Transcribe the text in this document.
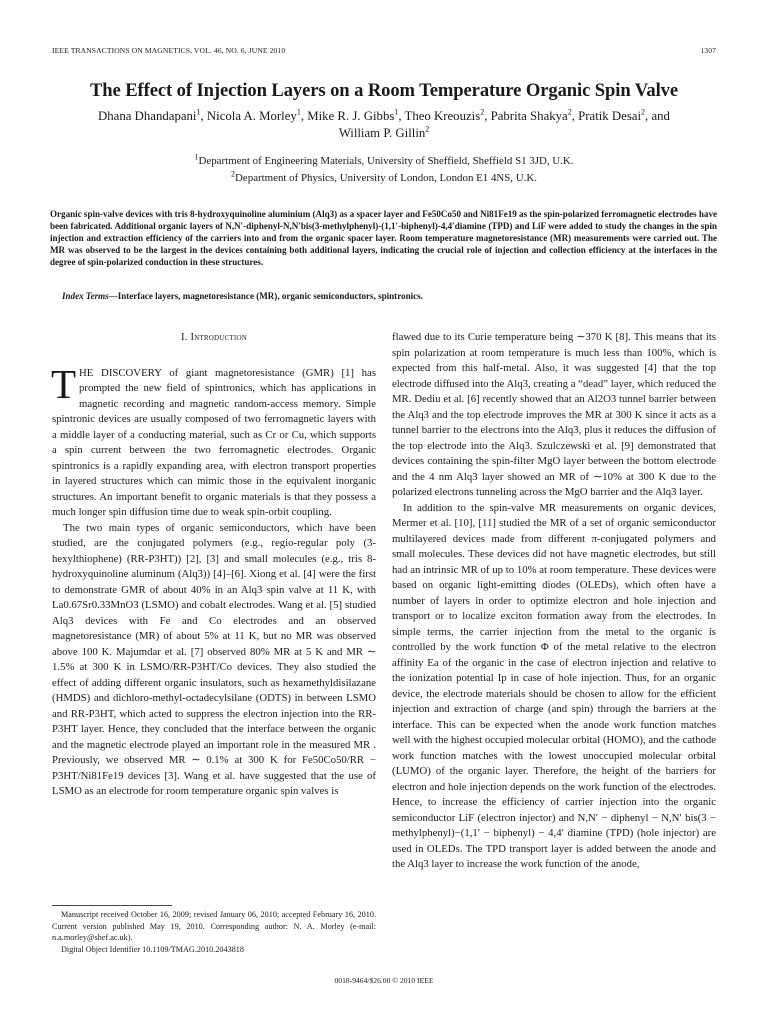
IEEE TRANSACTIONS ON MAGNETICS, VOL. 46, NO. 6, JUNE 2010	1307
The Effect of Injection Layers on a Room Temperature Organic Spin Valve
Dhana Dhandapani$^1$, Nicola A. Morley$^1$, Mike R. J. Gibbs$^1$, Theo Kreouzis$^2$, Pabrita Shakya$^2$, Pratik Desai$^2$, and
William P. Gillin$^2$
$^1$Department of Engineering Materials, University of Sheffield, Sheffield S1 3JD, U.K.
$^2$Department of Physics, University of London, London E1 4NS, U.K.
Organic spin-valve devices with tris 8-hydroxyquinoline aluminium (Alq3) as a spacer layer and Fe50Co50 and Ni81Fe19 as the spin-polarized ferromagnetic electrodes have been fabricated. Additional organic layers of N,N′-diphenyl-N,N′bis(3-methylphenyl)-(1,1′-biphenyl)-4,4′diamine (TPD) and LiF were added to study the changes in the spin injection and extraction efficiency of the carriers into and from the organic spacer layer. Room temperature magnetoresistance (MR) measurements were carried out. The MR was observed to be the largest in the devices containing both additional layers, indicating the crucial role of injection and collection efficiency at the interfaces in the degree of spin-polarized conduction in these structures.
Index Terms—Interface layers, magnetoresistance (MR), organic semiconductors, spintronics.
I. Introduction

THE DISCOVERY of giant magnetoresistance (GMR) [1] has prompted the new field of spintronics, which has applications in magnetic recording and magnetic random-access memory. Simple spintronic devices are usually composed of two ferromagnetic layers with a middle layer of a conducting material, such as Cr or Cu, which supports a spin current between the two ferromagnetic electrodes. Organic spintronics is a rapidly expanding area, with electron transport properties in layered structures which can mimic those in the equivalent inorganic structures. An important benefit to organic materials is that they possess a much longer spin diffusion time due to weak spin-orbit coupling.

The two main types of organic semiconductors, which have been studied, are the conjugated polymers (e.g., regio-regular poly (3-hexylthiophene) (RR-P3HT)) [2], [3] and small molecules (e.g., tris 8-hydroxyquinoline aluminum (Alq3)) [4]–[6]. Xiong et al. [4] were the first to demonstrate GMR of about 40% in an Alq3 spin valve at 11 K, with La0.67Sr0.33MnO3 (LSMO) and cobalt electrodes. Wang et al. [5] studied Alq3 devices with Fe and Co electrodes and an observed magnetoresistance (MR) of about 5% at 11 K, but no MR was observed above 100 K. Majumdar et al. [7] observed 80% MR at 5 K and MR ∼ 1.5% at 300 K in LSMO/RR-P3HT/Co devices. They also studied the effect of adding different organic insulators, such as hexamethyldisilazane (HMDS) and dichloro-methyl-octadecylsilane (ODTS) in between LSMO and RR-P3HT, which acted to suppress the electron injection into the RR-P3HT layer. Hence, they concluded that the interface between the organic and the magnetic electrode played an important role in the measured MR . Previously, we observed MR ∼ 0.1% at 300 K for Fe50Co50/RR − P3HT/Ni81Fe19 devices [3]. Wang et al. have suggested that the use of LSMO as an electrode for room temperature organic spin valves is

flawed due to its Curie temperature being ∼370 K [8]. This means that its spin polarization at room temperature is much less than 100%, which is expected from this half-metal. Also, it was suggested [4] that the top electrode diffused into the Alq3, creating a “dead” layer, which reduced the MR. Dediu et al. [6] recently showed that an Al2O3 tunnel barrier between the Alq3 and the top electrode improves the MR at 300 K since it acts as a tunnel barrier to the electrons into the Alq3, plus it reduces the diffusion of the top electrode into the Alq3. Szulczewski et al. [9] demonstrated that devices containing the spin-filter MgO layer between the bottom electrode and the 4 nm Alq3 layer showed an MR of ∼10% at 300 K due to the polarized electrons tunneling across the MgO barrier and the Alq3 layer.

In addition to the spin-valve MR measurements on organic devices, Mermer et al. [10], [11] studied the MR of a set of organic semiconductor multilayered devices made from different π-conjugated polymers and small molecules. These devices did not have magnetic electrodes, but still had an intrinsic MR of up to 10% at room temperature. These devices were based on organic light-emitting diodes (OLEDs), which often have a number of layers in order to optimize electron and hole injection and transport or to localize exciton formation away from the electrodes. In simple terms, the carrier injection from the metal to the organic is controlled by the work function Φ of the metal relative to the electron affinity Ea of the organic in the case of electron injection and relative to the ionization potential Ip in case of hole injection. Thus, for an organic device, the electrode materials should be chosen to allow for the efficient injection and extraction of charge (and spin) through the barriers at the interface. This can be expected when the anode work function matches well with the highest occupied molecular orbital (HOMO), and the cathode work function matches with the lowest unoccupied molecular orbital (LUMO) of the organic layer. Therefore, the height of the barriers for electron and hole injection depends on the work function of the electrodes. Hence, to increase the efficiency of carrier injection into the organic semiconductor LiF (electron injector) and N,N′ − diphenyl − N,N′ bis(3 − methylphenyl)−(1,1′ − biphenyl) − 4,4′ diamine (TPD) (hole injector) are used in OLEDs. The TPD transport layer is added between the anode and the Alq3 layer to increase the work function of the anode,

Manuscript received October 16, 2009; revised January 06, 2010; accepted February 16, 2010. Current version published May 19, 2010. Corresponding author: N. A. Morley (e-mail: n.a.morley@shef.ac.uk).

Digital Object Identifier 10.1109/TMAG.2010.2043818

0018-9464/$26.00 © 2010 IEEE
